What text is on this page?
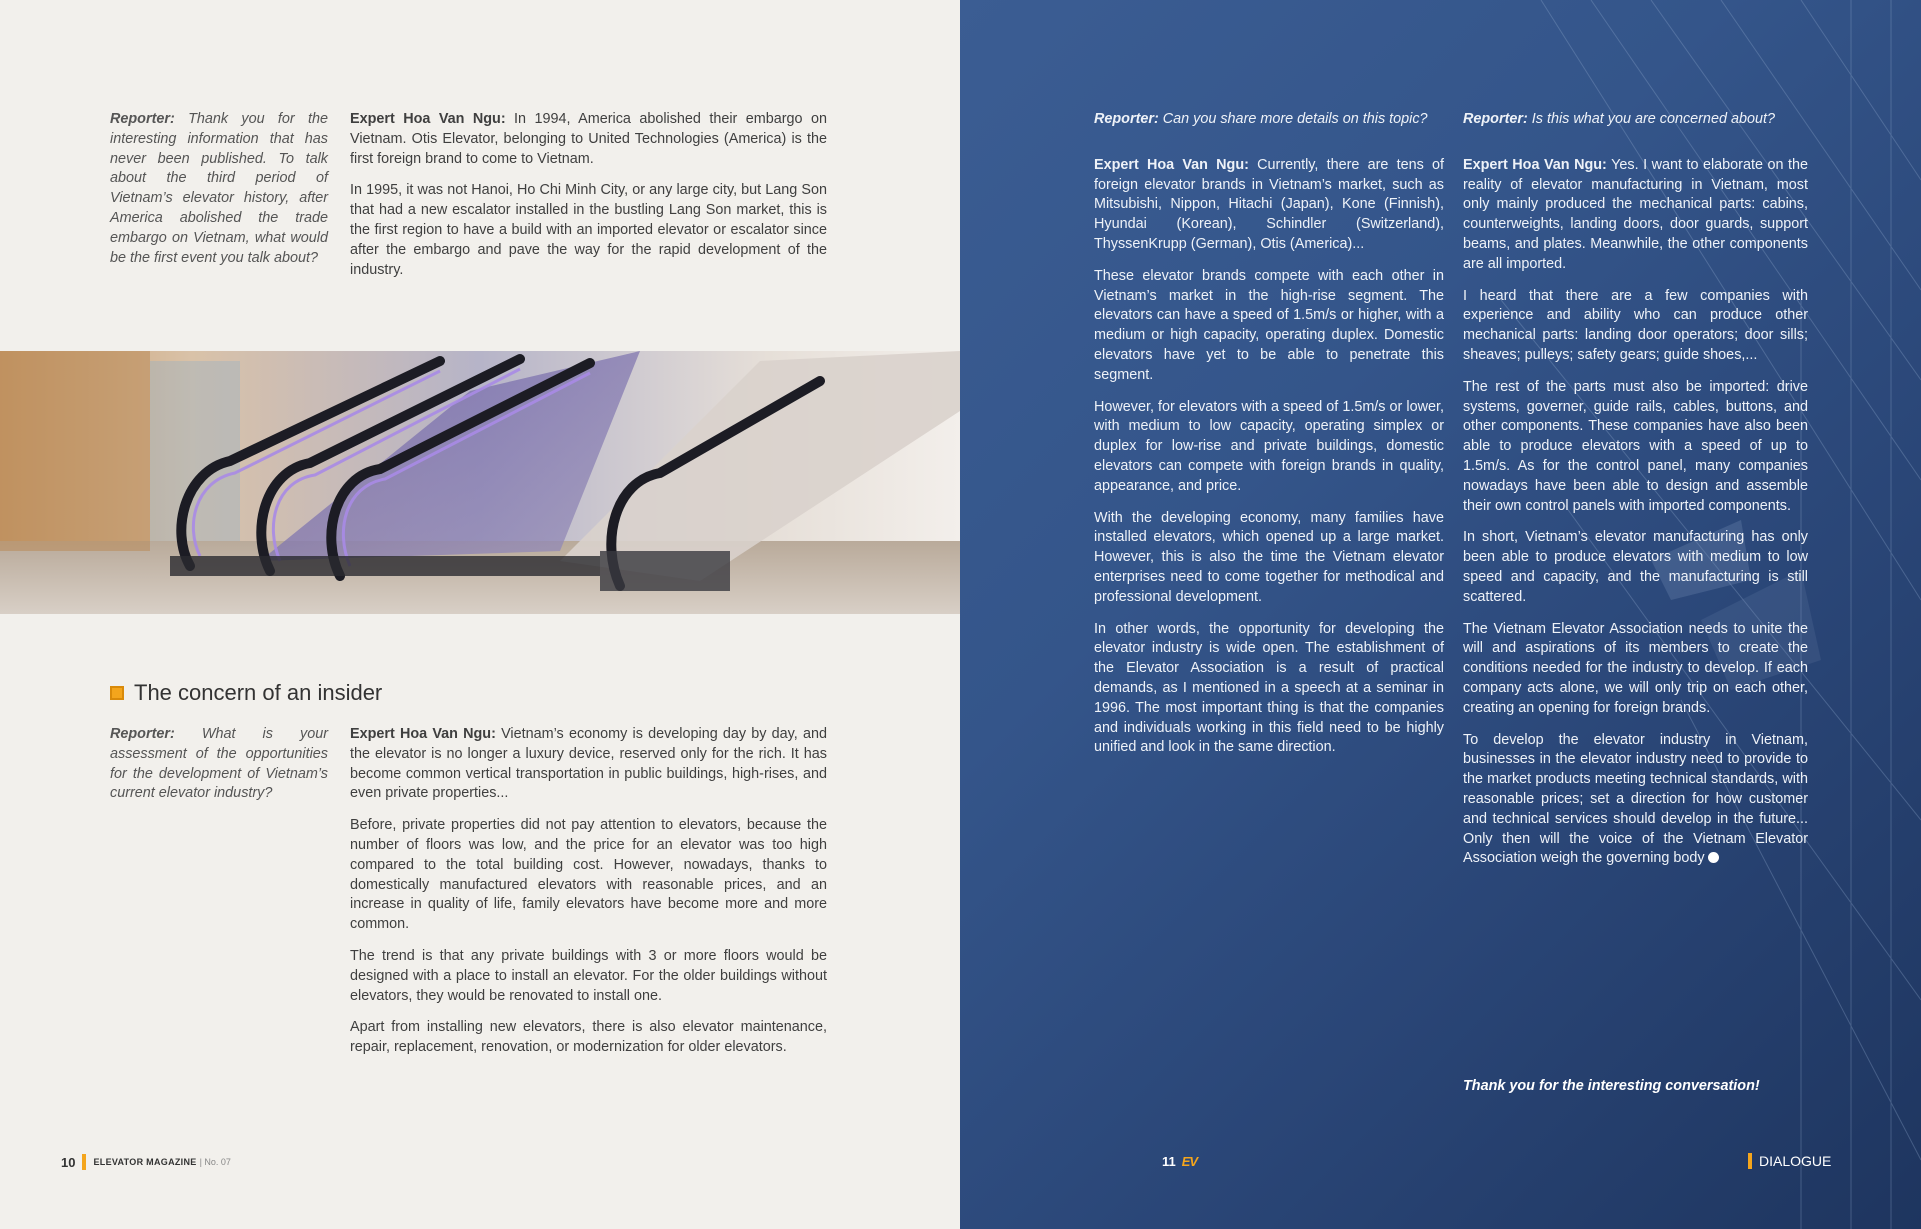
Reporter: Thank you for the interesting information that has never been published. To talk about the third period of Vietnam’s elevator history, after America abolished the trade embargo on Vietnam, what would be the first event you talk about?

Expert Hoa Van Ngu: In 1994, America abolished their embargo on Vietnam. Otis Elevator, belonging to United Technologies (America) is the first foreign brand to come to Vietnam.

In 1995, it was not Hanoi, Ho Chi Minh City, or any large city, but Lang Son that had a new escalator installed in the bustling Lang Son market, this is the first region to have a build with an imported elevator or escalator since after the embargo and pave the way for the rapid development of the industry.

The concern of an insider
Reporter: What is your assessment of the opportunities for the development of Vietnam’s current elevator industry?

Expert Hoa Van Ngu: Vietnam’s economy is developing day by day, and the elevator is no longer a luxury device, reserved only for the rich. It has become common vertical transportation in public buildings, high-rises, and even private properties...

Before, private properties did not pay attention to elevators, because the number of floors was low, and the price for an elevator was too high compared to the total building cost. However, nowadays, thanks to domestically manufactured elevators with reasonable prices, and an increase in quality of life, family elevators have become more and more common.

The trend is that any private buildings with 3 or more floors would be designed with a place to install an elevator. For the older buildings without elevators, they would be renovated to install one.

Apart from installing new elevators, there is also elevator maintenance, repair, replacement, renovation, or modernization for older elevators.

10 ELEVATOR MAGAZINE | No. 07

Reporter: Can you share more details on this topic?

Expert Hoa Van Ngu: Currently, there are tens of foreign elevator brands in Vietnam’s market, such as Mitsubishi, Nippon, Hitachi (Japan), Kone (Finnish), Hyundai (Korean), Schindler (Switzerland), ThyssenKrupp (German), Otis (America)...

These elevator brands compete with each other in Vietnam’s market in the high-rise segment. The elevators can have a speed of 1.5m/s or higher, with a medium or high capacity, operating duplex. Domestic elevators have yet to be able to penetrate this segment.

However, for elevators with a speed of 1.5m/s or lower, with medium to low capacity, operating simplex or duplex for low-rise and private buildings, domestic elevators can compete with foreign brands in quality, appearance, and price.

With the developing economy, many families have installed elevators, which opened up a large market. However, this is also the time the Vietnam elevator enterprises need to come together for methodical and professional development.

In other words, the opportunity for developing the elevator industry is wide open. The establishment of the Elevator Association is a result of practical demands, as I mentioned in a speech at a seminar in 1996. The most important thing is that the companies and individuals working in this field need to be highly unified and look in the same direction.

Reporter: Is this what you are concerned about?

Expert Hoa Van Ngu: Yes. I want to elaborate on the reality of elevator manufacturing in Vietnam, most only mainly produced the mechanical parts: cabins, counterweights, landing doors, door guards, support beams, and plates. Meanwhile, the other components are all imported.

I heard that there are a few companies with experience and ability who can produce other mechanical parts: landing door operators; door sills; sheaves; pulleys; safety gears; guide shoes,...

The rest of the parts must also be imported: drive systems, governer, guide rails, cables, buttons, and other components. These companies have also been able to produce elevators with a speed of up to 1.5m/s. As for the control panel, many companies nowadays have been able to design and assemble their own control panels with imported components.

In short, Vietnam’s elevator manufacturing has only been able to produce elevators with medium to low speed and capacity, and the manufacturing is still scattered.

The Vietnam Elevator Association needs to unite the will and aspirations of its members to create the conditions needed for the industry to develop. If each company acts alone, we will only trip on each other, creating an opening for foreign brands.

To develop the elevator industry in Vietnam, businesses in the elevator industry need to provide to the market products meeting technical standards, with reasonable prices; set a direction for how customer and technical services should develop in the future... Only then will the voice of the Vietnam Elevator Association weigh the governing body

Thank you for the interesting conversation!
11 EV	DIALOGUE
